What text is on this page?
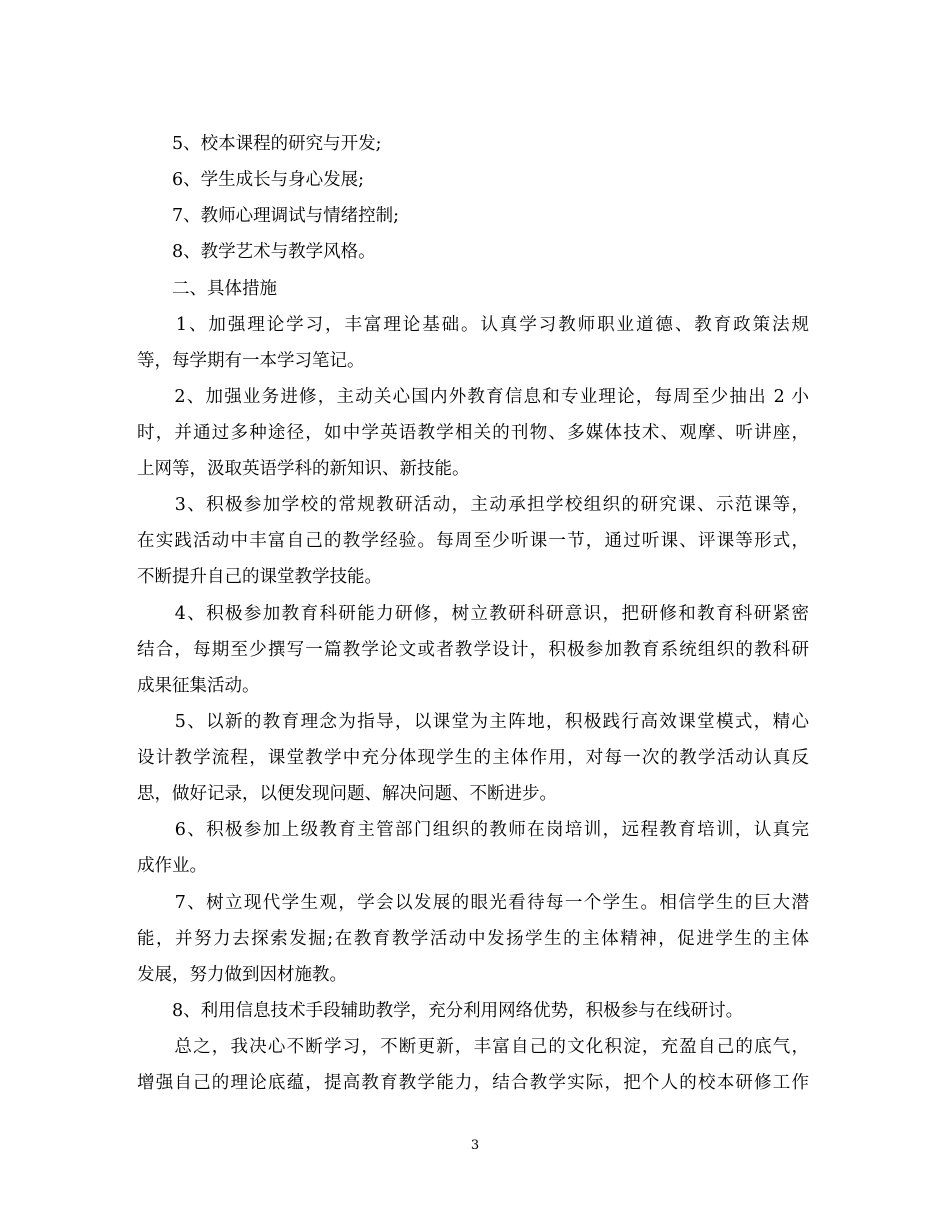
　　5、校本课程的研究与开发;
　　6、学生成长与身心发展;
　　7、教师心理调试与情绪控制;
　　8、教学艺术与教学风格。
　　二、具体措施
　　1、加强理论学习，丰富理论基础。认真学习教师职业道德、教育政策法规
等，每学期有一本学习笔记。
　　2、加强业务进修，主动关心国内外教育信息和专业理论，每周至少抽出 2 小
时，并通过多种途径，如中学英语教学相关的刊物、多媒体技术、观摩、听讲座，
上网等，汲取英语学科的新知识、新技能。
　　3、积极参加学校的常规教研活动，主动承担学校组织的研究课、示范课等，
在实践活动中丰富自己的教学经验。每周至少听课一节，通过听课、评课等形式，
不断提升自己的课堂教学技能。
　　4、积极参加教育科研能力研修，树立教研科研意识，把研修和教育科研紧密
结合，每期至少撰写一篇教学论文或者教学设计，积极参加教育系统组织的教科研
成果征集活动。
　　5、以新的教育理念为指导，以课堂为主阵地，积极践行高效课堂模式，精心
设计教学流程，课堂教学中充分体现学生的主体作用，对每一次的教学活动认真反
思，做好记录，以便发现问题、解决问题、不断进步。
　　6、积极参加上级教育主管部门组织的教师在岗培训，远程教育培训，认真完
成作业。
　　7、树立现代学生观，学会以发展的眼光看待每一个学生。相信学生的巨大潜
能，并努力去探索发掘;在教育教学活动中发扬学生的主体精神，促进学生的主体
发展，努力做到因材施教。
　　8、利用信息技术手段辅助教学，充分利用网络优势，积极参与在线研讨。
　　总之，我决心不断学习，不断更新，丰富自己的文化积淀，充盈自己的底气，
增强自己的理论底蕴，提高教育教学能力，结合教学实际，把个人的校本研修工作
3
